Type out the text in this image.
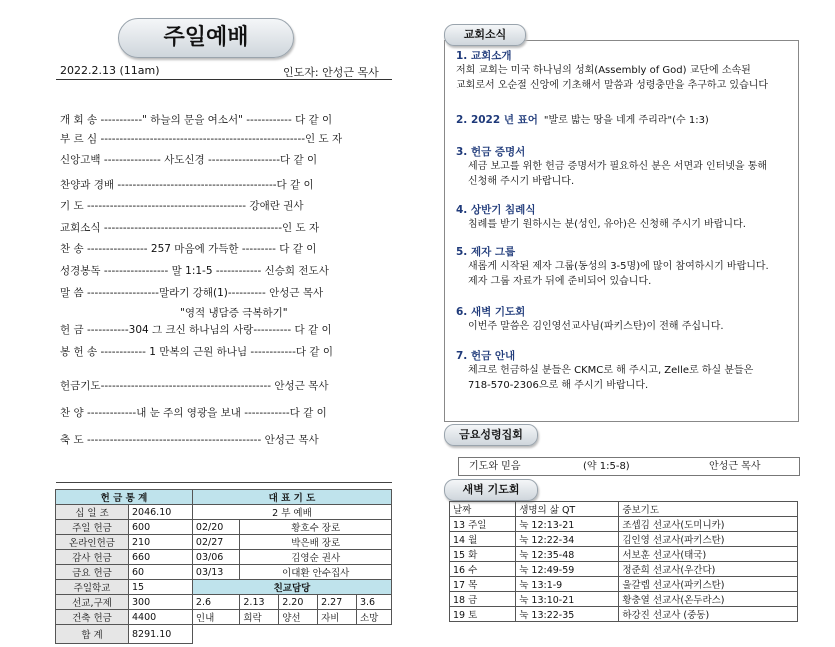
주일예배
2022.2.13 (11am)	인도자: 안성근 목사
개 회 송 -----------" 하늘의 문을 여소서" ------------ 다 같 이
부 르 심 ------------------------------------------------------인 도 자
신앙고백 --------------- 사도신경 -------------------다 같 이
찬양과 경배 ------------------------------------------다 같 이
기 도 ------------------------------------------ 강애란 권사
교회소식 -----------------------------------------------인 도 자
찬 송 ---------------- 257 마음에 가득한 --------- 다 같 이
성경봉독 ----------------- 말 1:1-5 ------------ 신승희 전도사
말 씀 -------------------말라기 강해(1)---------- 안성근 목사
"영적 냉담증 극복하기"
헌 금 -----------304 그 크신 하나님의 사랑---------- 다 같 이
봉 헌 송 ------------ 1 만복의 근원 하나님 ------------다 같 이
헌금기도--------------------------------------------- 안성근 목사
찬 양 -------------내 눈 주의 영광을 보내 ------------다 같 이
축 도 ---------------------------------------------- 안성근 목사
헌 금 통 계		대 표 기 도				
십 일 조	2046.10	2 부 예배				
주일 헌금	600	02/20	황호수 장로			
온라인헌금	210	02/27	박은배 장로			
감사 헌금	660	03/06	김영순 권사			
금요 헌금	60	03/13	이대환 안수집사			
주일학교	15	친교담당				
선교,구제	300	2.6	2.13	2.20	2.27	3.6
건축 헌금	4400	인내	희락	양선	자비	소망
합 계	8291.10					
교회소식
1. 교회소개
저희 교회는 미국 하나님의 성회(Assembly of God) 교단에 소속된
교회로서 오순절 신앙에 기초해서 말씀과 성령충만을 추구하고 있습니다
2. 2022 년 표어 "발로 밟는 땅을 네게 주리라"(수 1:3)
3. 헌금 증명서
세금 보고를 위한 헌금 증명서가 필요하신 분은 서면과 인터넷을 통해
신청해 주시기 바랍니다.
4. 상반기 침례식
침례를 받기 원하시는 분(성인, 유아)은 신청해 주시기 바랍니다.
5. 제자 그룹
새롭게 시작된 제자 그룹(동성의 3-5명)에 많이 참여하시기 바랍니다.
제자 그룹 자료가 뒤에 준비되어 있습니다.
6. 새벽 기도회
이번주 말씀은 김인영선교사님(파키스탄)이 전해 주십니다.
7. 헌금 안내
체크로 헌금하실 분들은 CKMC로 해 주시고, Zelle로 하실 분들은
718-570-2306으로 해 주시기 바랍니다.
금요성령집회
기도와 믿음	(약 1:5-8)	안성근 목사
새벽 기도회
날짜	생명의 삶 QT	중보기도
13 주일	눅 12:13-21	조셉김 선교사(도미니카)
14 월	눅 12:22-34	김인영 선교사(파키스탄)
15 화	눅 12:35-48	서보훈 선교사(태국)
16 수	눅 12:49-59	정준희 선교사(우간다)
17 목	눅 13:1-9	울갈렙 선교사(파키스탄)
18 금	눅 13:10-21	황충열 선교사(온두라스)
19 토	눅 13:22-35	하강진 선교사 (중동)
